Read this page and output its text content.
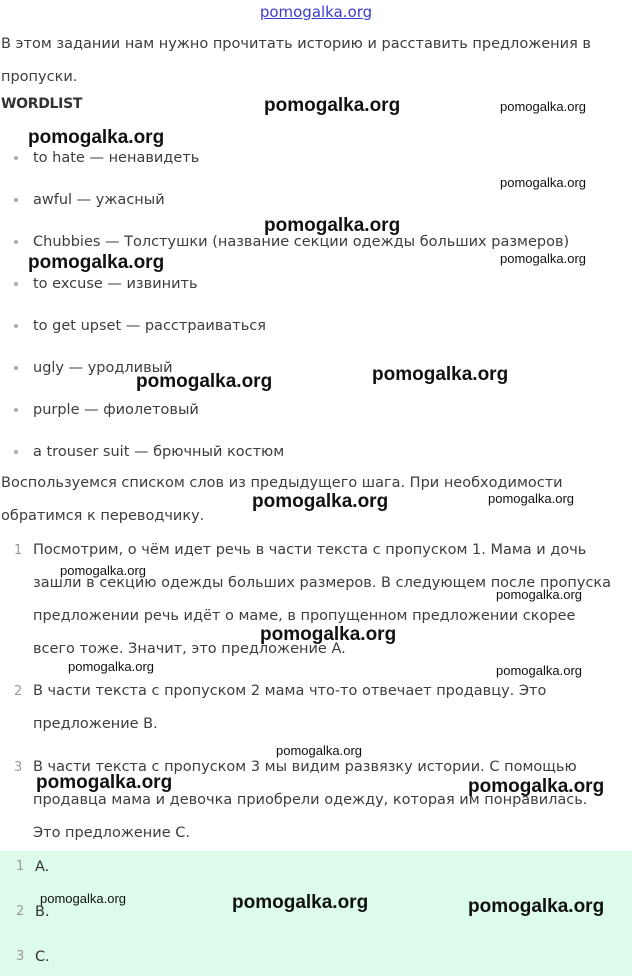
pomogalka.org
В этом задании нам нужно прочитать историю и расставить предложения в пропуски.
WORDLIST
to hate — ненавидеть
awful — ужасный
Chubbies — Толстушки (название секции одежды больших размеров)
to excuse — извинить
to get upset — расстраиваться
ugly — уродливый
purple — фиолетовый
a trouser suit — брючный костюм
Воспользуемся списком слов из предыдущего шага. При необходимости обратимся к переводчику.
1 Посмотрим, о чём идет речь в части текста с пропуском 1. Мама и дочь зашли в секцию одежды больших размеров. В следующем после пропуска предложении речь идёт о маме, в пропущенном предложении скорее всего тоже. Значит, это предложение A.
2 В части текста с пропуском 2 мама что-то отвечает продавцу. Это предложение B.
3 В части текста с пропуском 3 мы видим развязку истории. С помощью продавца мама и девочка приобрели одежду, которая им понравилась. Это предложение C.
1 A.
2 B.
3 C.
pomogalka.org	pomogalka.org
pomogalka.org
pomogalka.org
pomogalka.org
pomogalka.org	pomogalka.org
pomogalka.org	pomogalka.org
pomogalka.org	pomogalka.org
pomogalka.org
pomogalka.org
pomogalka.org
pomogalka.org	pomogalka.org
pomogalka.org
pomogalka.org	pomogalka.org
pomogalka.org	pomogalka.org	pomogalka.org
